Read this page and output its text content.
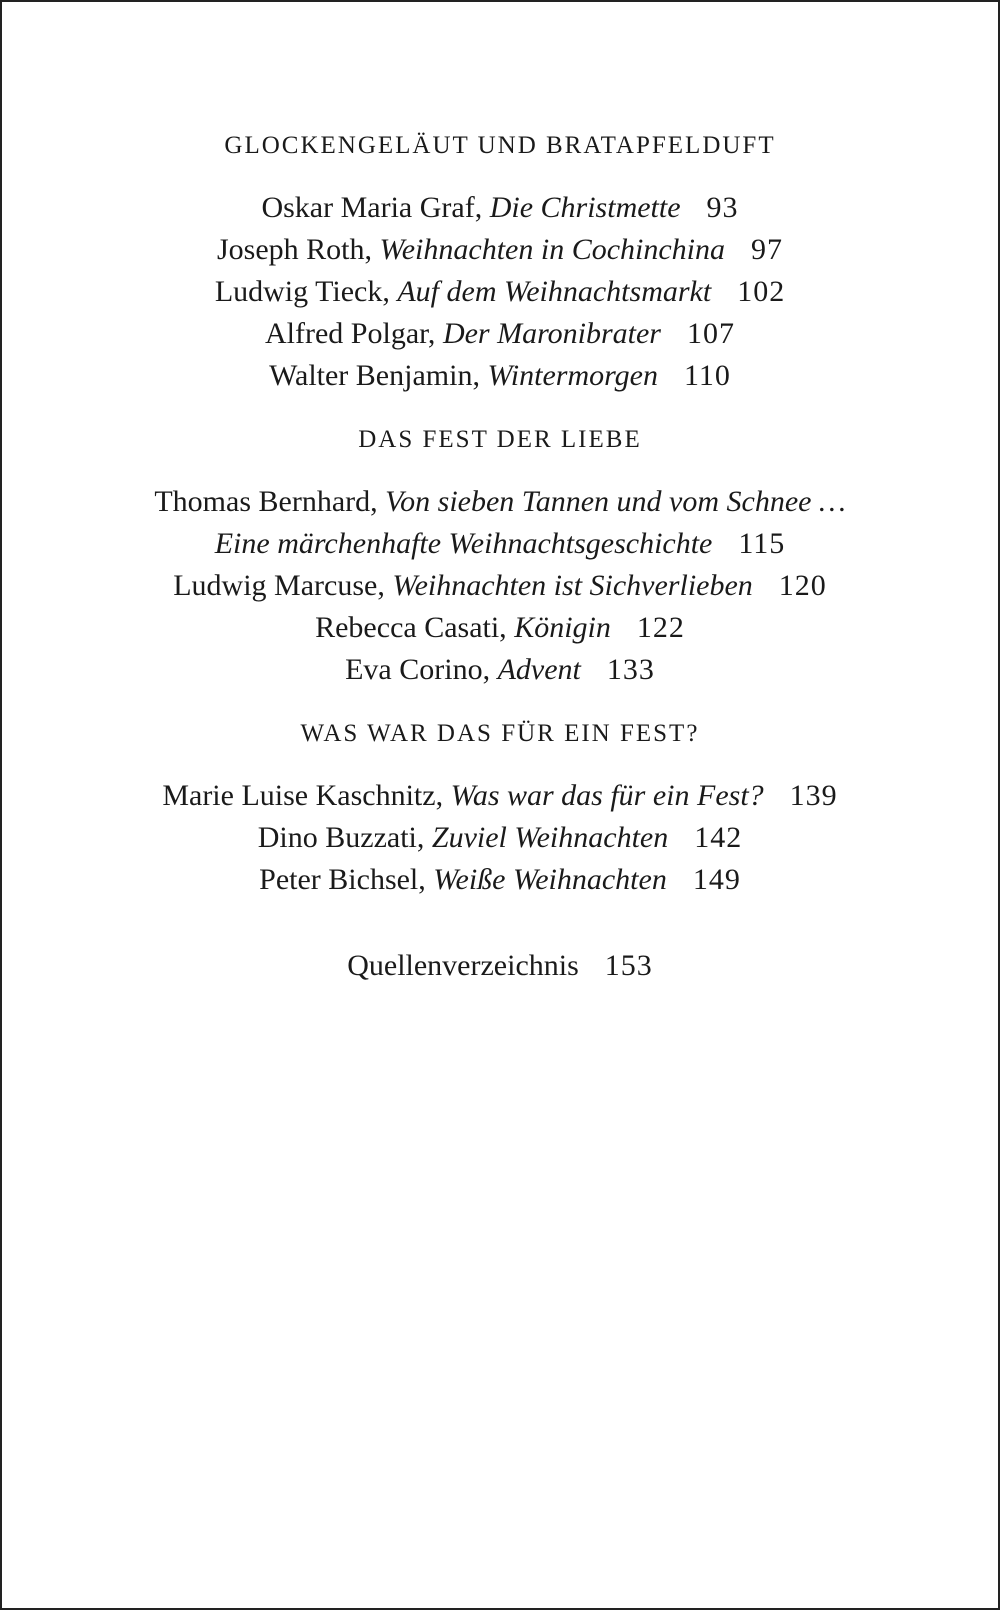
GLOCKENGELÄUT UND BRATAPFELDUFT
Oskar Maria Graf, Die Christmette 93
Joseph Roth, Weihnachten in Cochinchina 97
Ludwig Tieck, Auf dem Weihnachtsmarkt 102
Alfred Polgar, Der Maronibrater 107
Walter Benjamin, Wintermorgen 110
DAS FEST DER LIEBE
Thomas Bernhard, Von sieben Tannen und vom Schnee …
Eine märchenhafte Weihnachtsgeschichte 115
Ludwig Marcuse, Weihnachten ist Sichverlieben 120
Rebecca Casati, Königin 122
Eva Corino, Advent 133
WAS WAR DAS FÜR EIN FEST?
Marie Luise Kaschnitz, Was war das für ein Fest? 139
Dino Buzzati, Zuviel Weihnachten 142
Peter Bichsel, Weiße Weihnachten 149
Quellenverzeichnis 153
